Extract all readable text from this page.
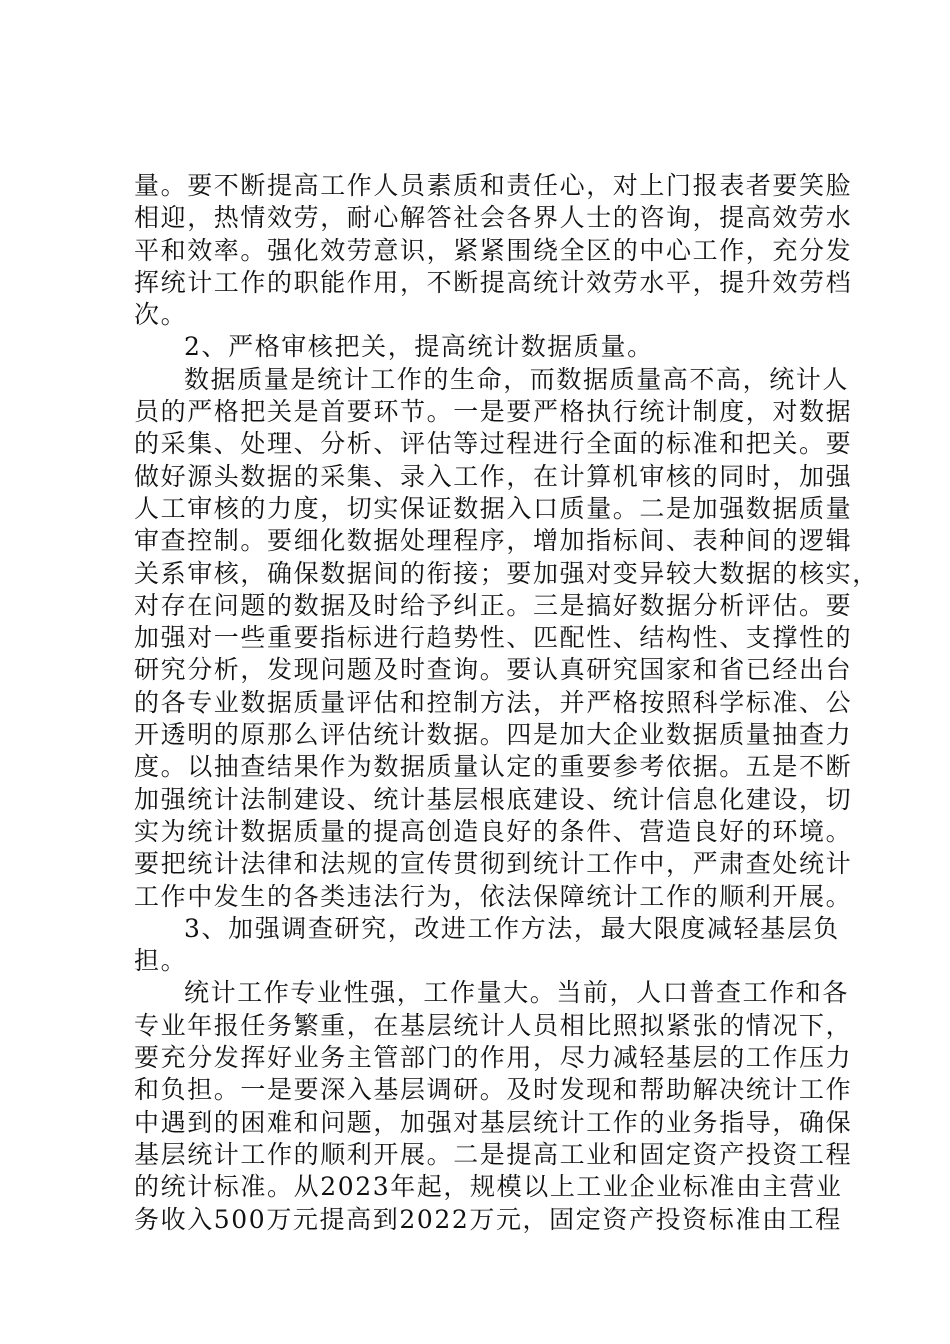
量。要不断提高工作人员素质和责任心，对上门报表者要笑脸
相迎，热情效劳，耐心解答社会各界人士的咨询，提高效劳水
平和效率。强化效劳意识，紧紧围绕全区的中心工作，充分发
挥统计工作的职能作用，不断提高统计效劳水平，提升效劳档
次。
2、严格审核把关，提高统计数据质量。
数据质量是统计工作的生命，而数据质量高不高，统计人
员的严格把关是首要环节。一是要严格执行统计制度，对数据
的采集、处理、分析、评估等过程进行全面的标准和把关。要
做好源头数据的采集、录入工作，在计算机审核的同时，加强
人工审核的力度，切实保证数据入口质量。二是加强数据质量
审查控制。要细化数据处理程序，增加指标间、表种间的逻辑
关系审核，确保数据间的衔接；要加强对变异较大数据的核实，
对存在问题的数据及时给予纠正。三是搞好数据分析评估。要
加强对一些重要指标进行趋势性、匹配性、结构性、支撑性的
研究分析，发现问题及时查询。要认真研究国家和省已经出台
的各专业数据质量评估和控制方法，并严格按照科学标准、公
开透明的原那么评估统计数据。四是加大企业数据质量抽查力
度。以抽查结果作为数据质量认定的重要参考依据。五是不断
加强统计法制建设、统计基层根底建设、统计信息化建设，切
实为统计数据质量的提高创造良好的条件、营造良好的环境。
要把统计法律和法规的宣传贯彻到统计工作中，严肃查处统计
工作中发生的各类违法行为，依法保障统计工作的顺利开展。
3、加强调查研究，改进工作方法，最大限度减轻基层负
担。
统计工作专业性强，工作量大。当前，人口普查工作和各
专业年报任务繁重，在基层统计人员相比照拟紧张的情况下，
要充分发挥好业务主管部门的作用，尽力减轻基层的工作压力
和负担。一是要深入基层调研。及时发现和帮助解决统计工作
中遇到的困难和问题，加强对基层统计工作的业务指导，确保
基层统计工作的顺利开展。二是提高工业和固定资产投资工程
的统计标准。从2023年起，规模以上工业企业标准由主营业
务收入500万元提高到2022万元，固定资产投资标准由工程
